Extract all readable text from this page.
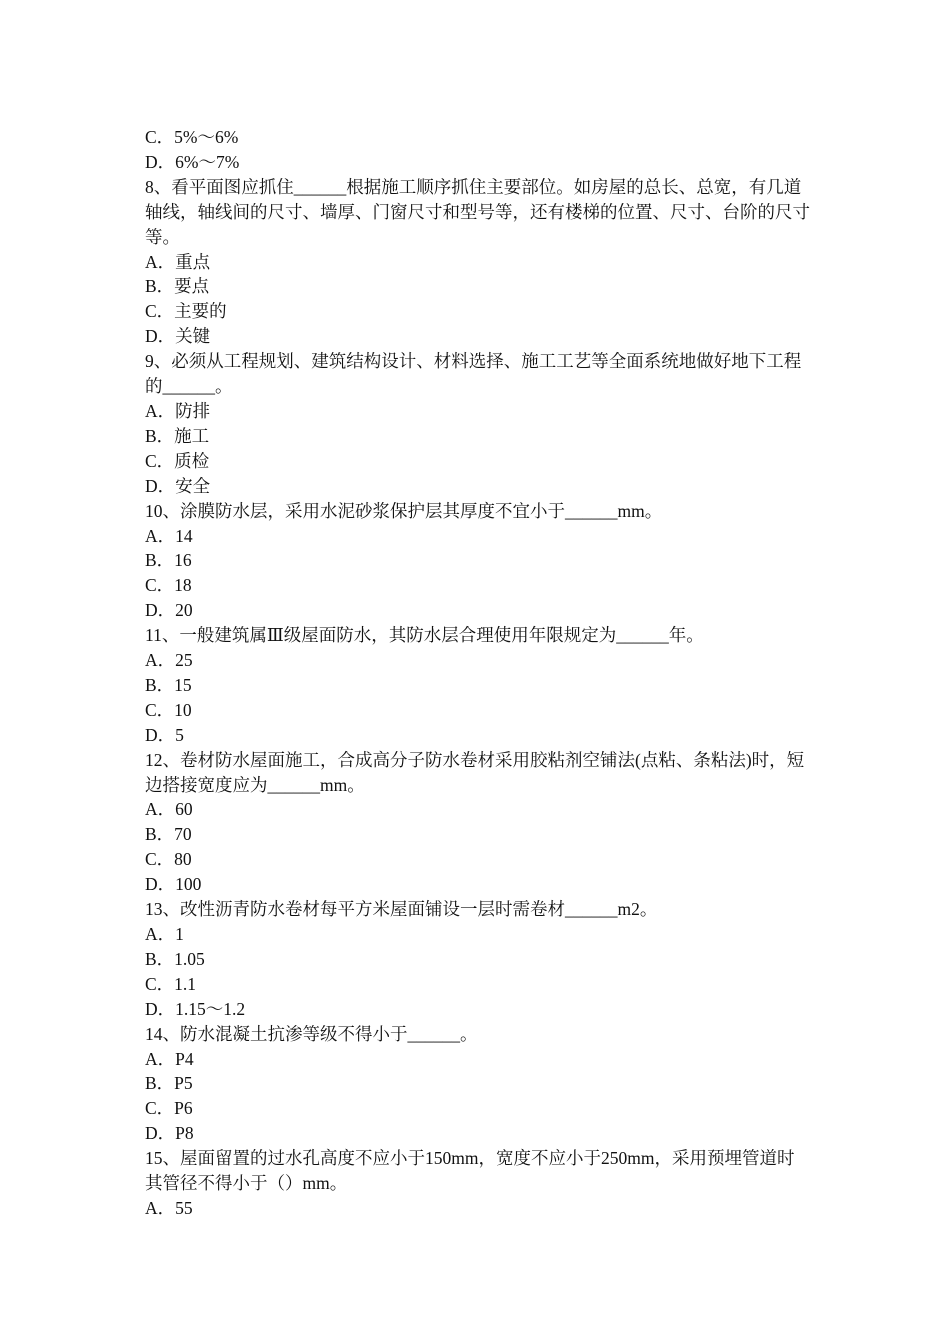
C．5%～6%
D．6%～7%
8、看平面图应抓住______根据施工顺序抓住主要部位。如房屋的总长、总宽，有几道轴线，轴线间的尺寸、墙厚、门窗尺寸和型号等，还有楼梯的位置、尺寸、台阶的尺寸等。
A．重点
B．要点
C．主要的
D．关键
9、必须从工程规划、建筑结构设计、材料选择、施工工艺等全面系统地做好地下工程的______。
A．防排
B．施工
C．质检
D．安全
10、涂膜防水层，采用水泥砂浆保护层其厚度不宜小于______mm。
A．14
B．16
C．18
D．20
11、一般建筑属Ⅲ级屋面防水，其防水层合理使用年限规定为______年。
A．25
B．15
C．10
D．5
12、卷材防水屋面施工，合成高分子防水卷材采用胶粘剂空铺法(点粘、条粘法)时，短边搭接宽度应为______mm。
A．60
B．70
C．80
D．100
13、改性沥青防水卷材每平方米屋面铺设一层时需卷材______m2。
A．1
B．1.05
C．1.1
D．1.15～1.2
14、防水混凝土抗渗等级不得小于______。
A．P4
B．P5
C．P6
D．P8
15、屋面留置的过水孔高度不应小于150mm，宽度不应小于250mm，采用预埋管道时其管径不得小于（）mm。
A．55
